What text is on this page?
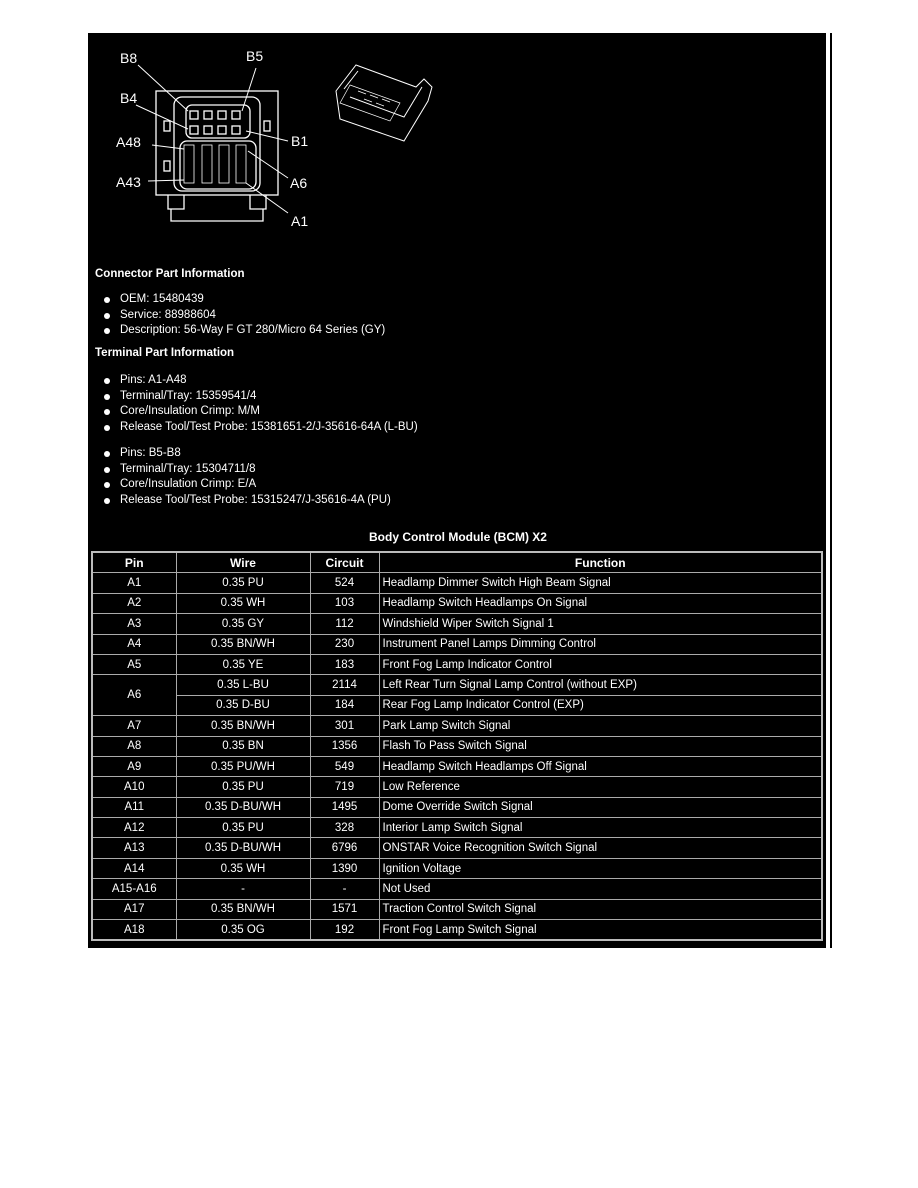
B8	B5
B4
B1
A48
A6
A43
A1
Connector Part Information
OEM: 15480439
Service: 88988604
Description: 56-Way F GT 280/Micro 64 Series (GY)
Terminal Part Information
Pins: A1-A48
Terminal/Tray: 15359541/4
Core/Insulation Crimp: M/M
Release Tool/Test Probe: 15381651-2/J-35616-64A (L-BU)
Pins: B5-B8
Terminal/Tray: 15304711/8
Core/Insulation Crimp: E/A
Release Tool/Test Probe: 15315247/J-35616-4A (PU)
Body Control Module (BCM) X2
Pin	Wire	Circuit	Function
A1	0.35 PU	524	Headlamp Dimmer Switch High Beam Signal
A2	0.35 WH	103	Headlamp Switch Headlamps On Signal
A3	0.35 GY	112	Windshield Wiper Switch Signal 1
A4	0.35 BN/WH	230	Instrument Panel Lamps Dimming Control
A5	0.35 YE	183	Front Fog Lamp Indicator Control
A6	0.35 L-BU	2114	Left Rear Turn Signal Lamp Control (without EXP)
	0.35 D-BU	184	Rear Fog Lamp Indicator Control (EXP)
A7	0.35 BN/WH	301	Park Lamp Switch Signal
A8	0.35 BN	1356	Flash To Pass Switch Signal
A9	0.35 PU/WH	549	Headlamp Switch Headlamps Off Signal
A10	0.35 PU	719	Low Reference
A11	0.35 D-BU/WH	1495	Dome Override Switch Signal
A12	0.35 PU	328	Interior Lamp Switch Signal
A13	0.35 D-BU/WH	6796	ONSTAR Voice Recognition Switch Signal
A14	0.35 WH	1390	Ignition Voltage
A15-A16	-	-	Not Used
A17	0.35 BN/WH	1571	Traction Control Switch Signal
A18	0.35 OG	192	Front Fog Lamp Switch Signal
